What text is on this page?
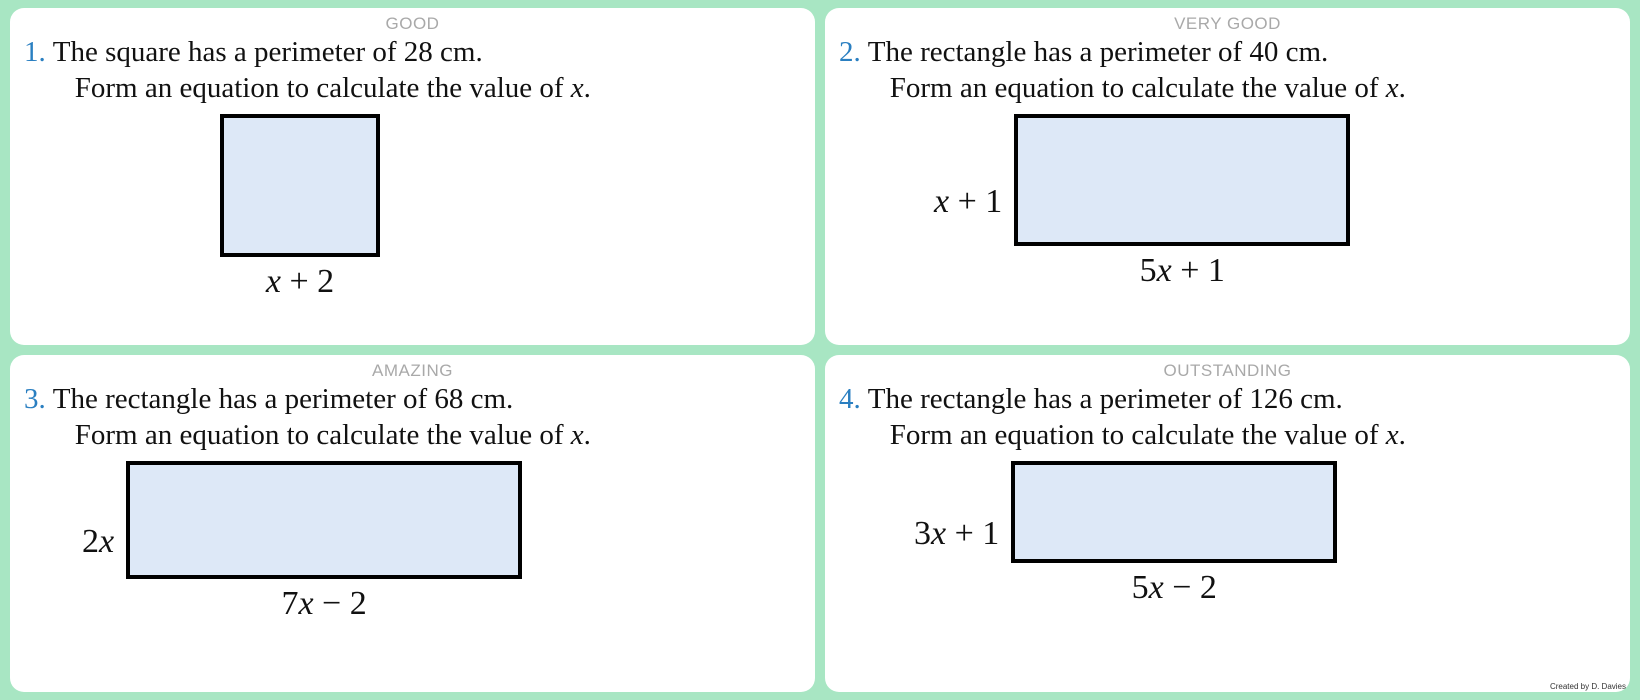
GOOD
1. The square has a perimeter of 28 cm. Form an equation to calculate the value of x.
x + 2
VERY GOOD
2. The rectangle has a perimeter of 40 cm. Form an equation to calculate the value of x.
x + 1
5x + 1
AMAZING
3. The rectangle has a perimeter of 68 cm. Form an equation to calculate the value of x.
2x
7x − 2
OUTSTANDING
4. The rectangle has a perimeter of 126 cm. Form an equation to calculate the value of x.
3x + 1
5x − 2
Created by D. Davies
